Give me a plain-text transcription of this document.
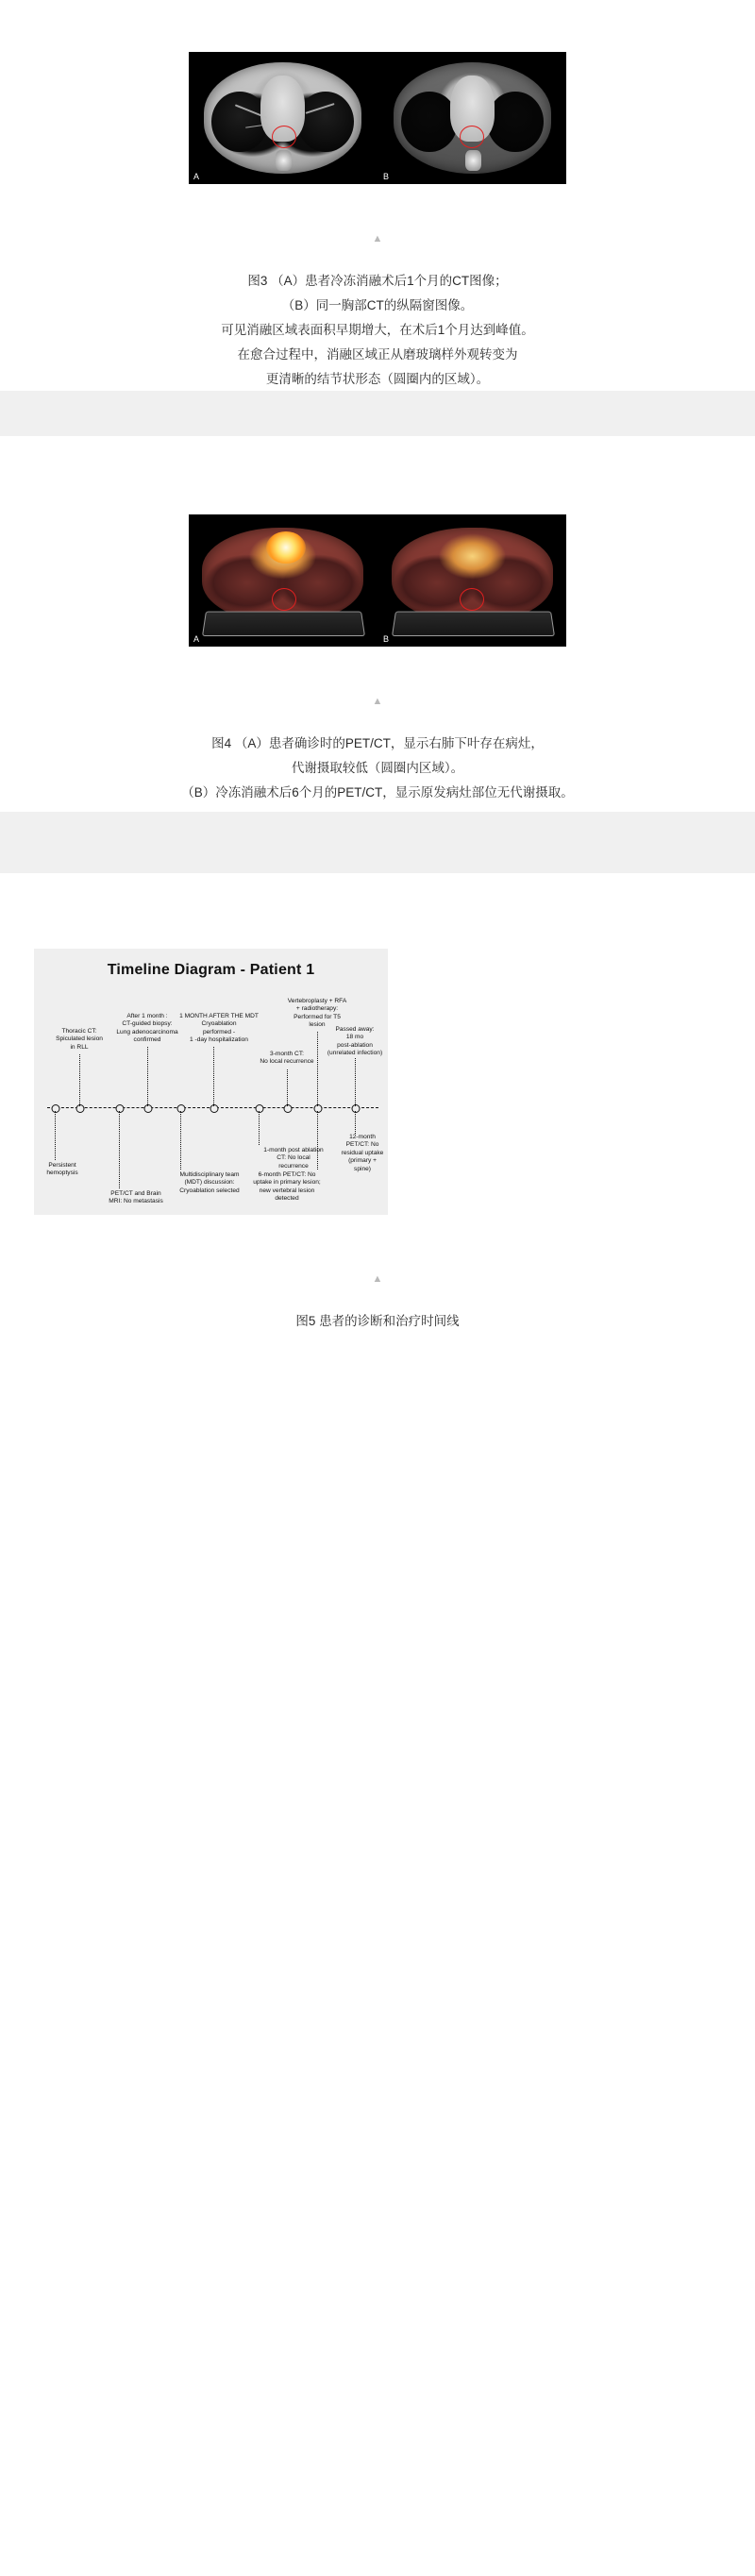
A	B
▲
图3 （A）患者冷冻消融术后1个月的CT图像；
（B）同一胸部CT的纵隔窗图像。
可见消融区域表面积早期增大，在术后1个月达到峰值。
在愈合过程中，消融区域正从磨玻璃样外观转变为
更清晰的结节状形态（圆圈内的区域）。
A	B
▲
图4 （A）患者确诊时的PET/CT，显示右肺下叶存在病灶，
代谢摄取较低（圆圈内区域）。
（B）冷冻消融术后6个月的PET/CT，显示原发病灶部位无代谢摄取。
Timeline Diagram - Patient 1
Thoracic CT:
Spiculated lesion
in RLL
After 1 month :
CT-guided biopsy:
Lung adenocarcinoma
confirmed
1 MONTH AFTER THE MDT
Cryoablation
performed -
1 -day hospitalization
3-month CT:
No local recurrence
Vertebroplasty + RFA
+ radiotherapy:
Performed for T5
lesion
Passed away:
18 mo
post-ablation
(unrelated infection)
Persistent
hemoptysis
PET/CT and Brain
MRI: No metastasis
Multidisciplinary team
(MDT) discussion:
Cryoablation selected
1-month post ablation
CT: No local
recurrence
6-month PET/CT: No
uptake in primary lesion;
new vertebral lesion
detected
12-month
PET/CT: No
residual uptake
(primary +
spine)
▲
图5 患者的诊断和治疗时间线
